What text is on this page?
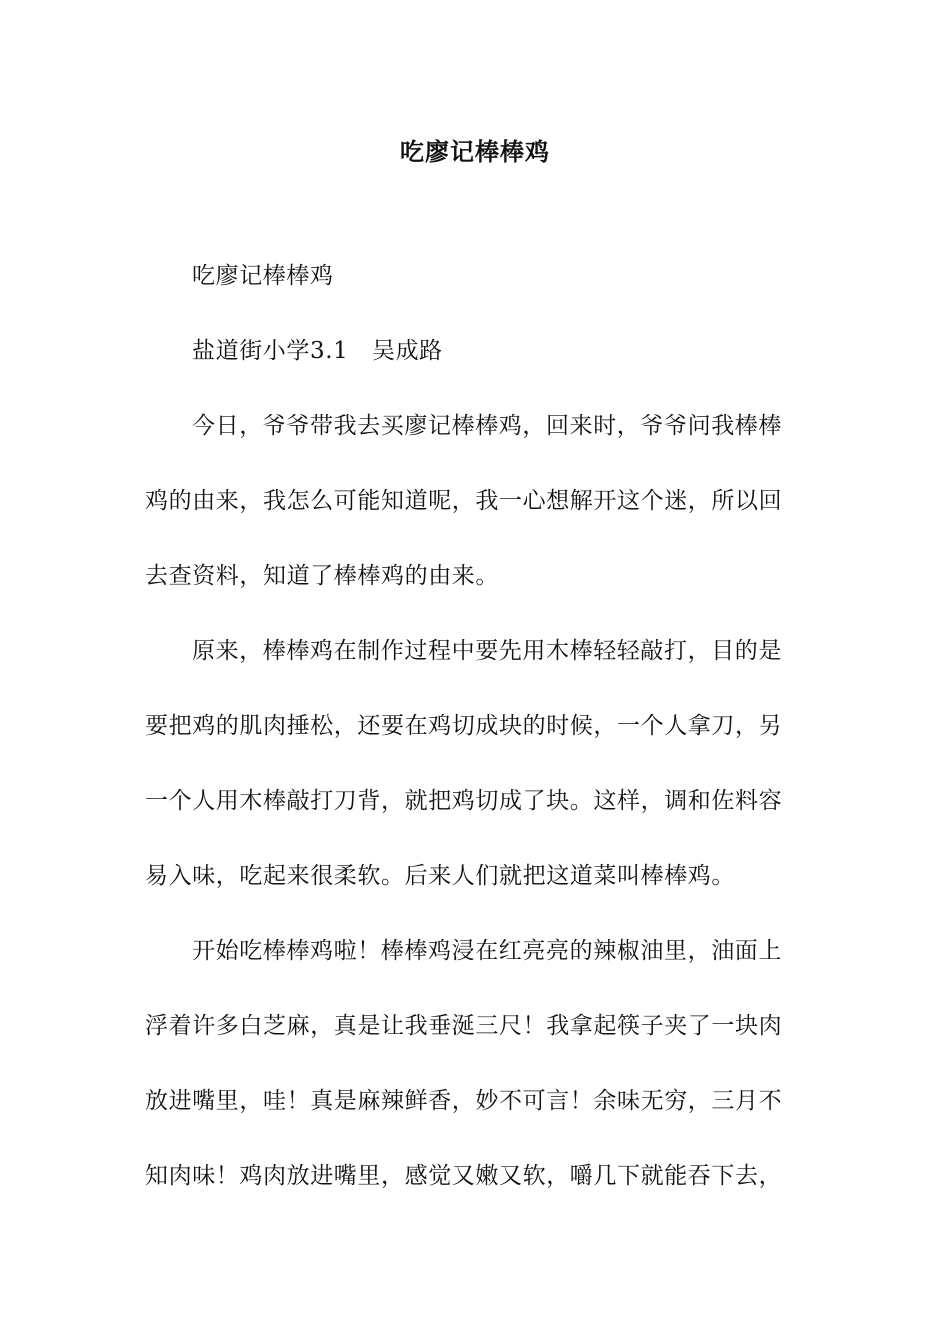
吃廖记棒棒鸡
吃廖记棒棒鸡
盐道街小学3.1　吴成路
今日，爷爷带我去买廖记棒棒鸡，回来时，爷爷问我棒棒
鸡的由来，我怎么可能知道呢，我一心想解开这个迷，所以回
去查资料，知道了棒棒鸡的由来。
原来，棒棒鸡在制作过程中要先用木棒轻轻敲打，目的是
要把鸡的肌肉捶松，还要在鸡切成块的时候，一个人拿刀，另
一个人用木棒敲打刀背，就把鸡切成了块。这样，调和佐料容
易入味，吃起来很柔软。后来人们就把这道菜叫棒棒鸡。
开始吃棒棒鸡啦！棒棒鸡浸在红亮亮的辣椒油里，油面上
浮着许多白芝麻，真是让我垂涎三尺！我拿起筷子夹了一块肉
放进嘴里，哇！真是麻辣鲜香，妙不可言！余味无穷，三月不
知肉味！鸡肉放进嘴里，感觉又嫩又软，嚼几下就能吞下去，
